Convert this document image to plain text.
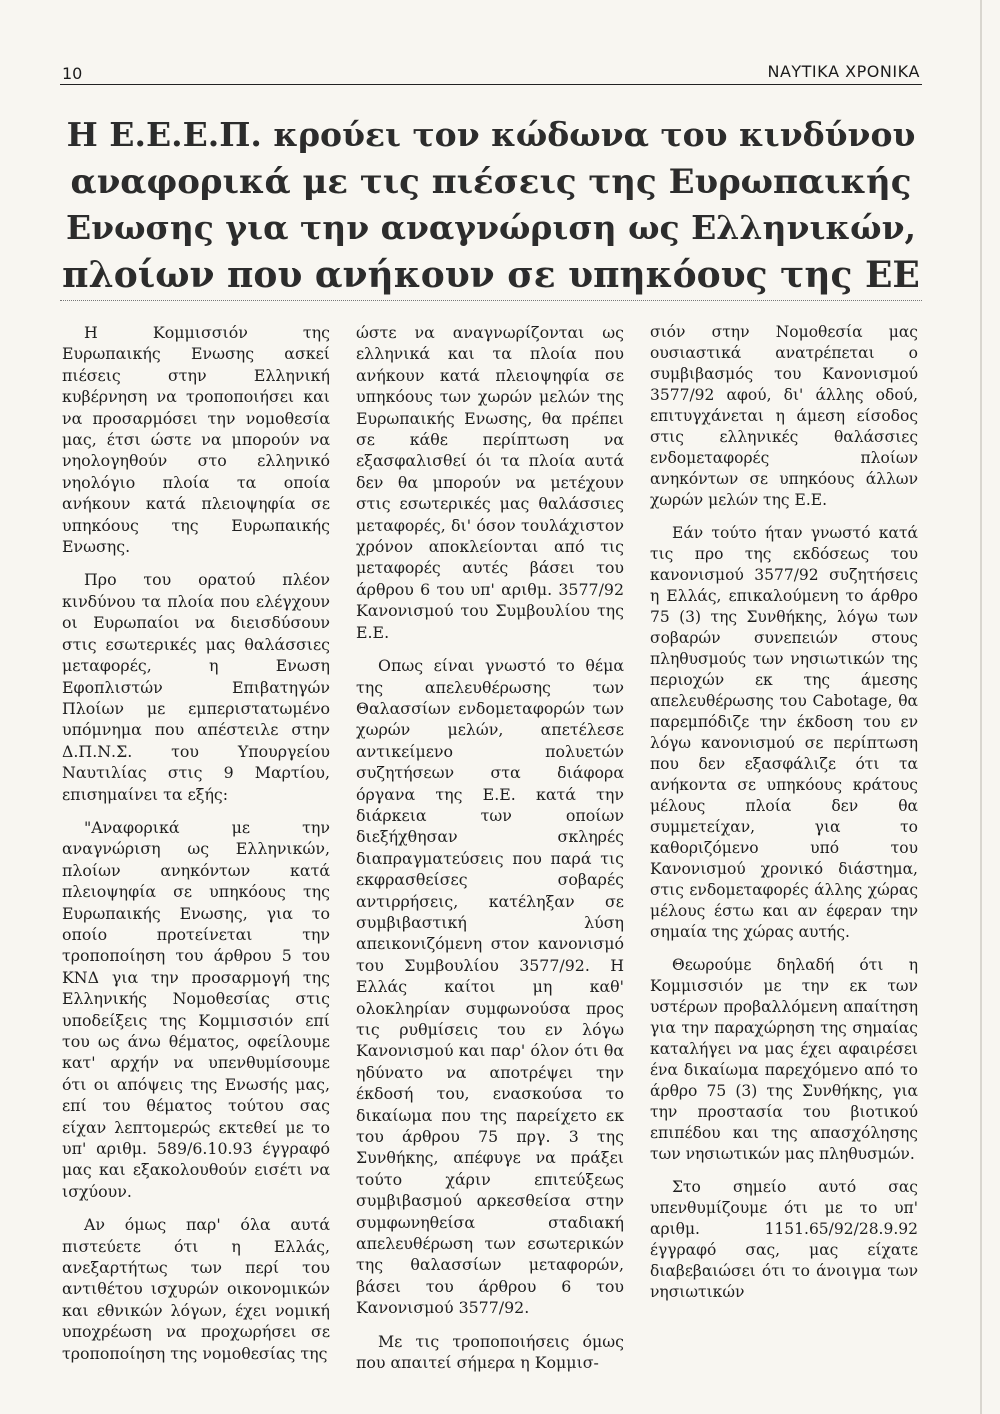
10	ΝΑΥΤΙΚΑ ΧΡΟΝΙΚΑ
Η Ε.Ε.Ε.Π. κρούει τον κώδωνα του κινδύνου
αναφορικά με τις πιέσεις της Ευρωπαικής
Ενωσης για την αναγνώριση ως Ελληνικών,
πλοίων που ανήκουν σε υπηκόους της ΕΕ

Η Κομμισσιόν της Ευρωπαικής Ενωσης ασκεί πιέσεις στην Ελληνική κυβέρνηση να τροποποιήσει και να προσαρμόσει την νομοθεσία μας, έτσι ώστε να μπορούν να νηολογηθούν στο ελληνικό νηολόγιο πλοία τα οποία ανήκουν κατά πλειοψηφία σε υπηκόους της Ευρωπαικής Ενωσης.

Προ του ορατού πλέον κινδύνου τα πλοία που ελέγχουν οι Ευρωπαίοι να διεισδύσουν στις εσωτερικές μας θαλάσσιες μεταφορές, η Ενωση Εφοπλιστών Επιβατηγών Πλοίων με εμπεριστατωμένο υπόμνημα που απέστειλε στην Δ.Π.Ν.Σ. του Υπουργείου Ναυτιλίας στις 9 Μαρτίου, επισημαίνει τα εξής:

"Αναφορικά με την αναγνώριση ως Ελληνικών, πλοίων ανηκόντων κατά πλειοψηφία σε υπηκόους της Ευρωπαικής Ενωσης, για το οποίο προτείνεται την τροποποίηση του άρθρου 5 του ΚΝΔ για την προσαρμογή της Ελληνικής Νομοθεσίας στις υποδείξεις της Κομμισσιόν επί του ως άνω θέματος, οφείλουμε κατ' αρχήν να υπενθυμίσουμε ότι οι απόψεις της Ενωσής μας, επί του θέματος τούτου σας είχαν λεπτομερώς εκτεθεί με το υπ' αριθμ. 589/6.10.93 έγγραφό μας και εξακολουθούν εισέτι να ισχύουν.

Αν όμως παρ' όλα αυτά πιστεύετε ότι η Ελλάς, ανεξαρτήτως των περί του αντιθέτου ισχυρών οικονομικών και εθνικών λόγων, έχει νομική υποχρέωση να προχωρήσει σε τροποποίηση της νομοθεσίας της

ώστε να αναγνωρίζονται ως ελληνικά και τα πλοία που ανήκουν κατά πλειοψηφία σε υπηκόους των χωρών μελών της Ευρωπαικής Ενωσης, θα πρέπει σε κάθε περίπτωση να εξασφαλισθεί όι τα πλοία αυτά δεν θα μπορούν να μετέχουν στις εσωτερικές μας θαλάσσιες μεταφορές, δι' όσον τουλάχιστον χρόνον αποκλείονται από τις μεταφορές αυτές βάσει του άρθρου 6 του υπ' αριθμ. 3577/92 Κανονισμού του Συμβουλίου της Ε.Ε.

Οπως είναι γνωστό το θέμα της απελευθέρωσης των Θαλασσίων ενδομεταφορών των χωρών μελών, απετέλεσε αντικείμενο πολυετών συζητήσεων στα διάφορα όργανα της Ε.Ε. κατά την διάρκεια των οποίων διεξήχθησαν σκληρές διαπραγματεύσεις που παρά τις εκφρασθείσες σοβαρές αντιρρήσεις, κατέληξαν σε συμβιβαστική λύση απεικονιζόμενη στον κανονισμό του Συμβουλίου 3577/92. Η Ελλάς καίτοι μη καθ' ολοκληρίαν συμφωνούσα προς τις ρυθμίσεις του εν λόγω Κανονισμού και παρ' όλον ότι θα ηδύνατο να αποτρέψει την έκδοσή του, ενασκούσα το δικαίωμα που της παρείχετο εκ του άρθρου 75 πργ. 3 της Συνθήκης, απέφυγε να πράξει τούτο χάριν επιτεύξεως συμβιβασμού αρκεσθείσα στην συμφωνηθείσα σταδιακή απελευθέρωση των εσωτερικών της θαλασσίων μεταφορών, βάσει του άρθρου 6 του Κανονισμού 3577/92.

Με τις τροποποιήσεις όμως που απαιτεί σήμερα η Κομμισ-

σιόν στην Νομοθεσία μας ουσιαστικά ανατρέπεται ο συμβιβασμός του Κανονισμού 3577/92 αφού, δι' άλλης οδού, επιτυγχάνεται η άμεση είσοδος στις ελληνικές θαλάσσιες ενδομεταφορές πλοίων ανηκόντων σε υπηκόους άλλων χωρών μελών της Ε.Ε.

Εάν τούτο ήταν γνωστό κατά τις προ της εκδόσεως του κανονισμού 3577/92 συζητήσεις η Ελλάς, επικαλούμενη το άρθρο 75 (3) της Συνθήκης, λόγω των σοβαρών συνεπειών στους πληθυσμούς των νησιωτικών της περιοχών εκ της άμεσης απελευθέρωσης του Cabotage, θα παρεμπόδιζε την έκδοση του εν λόγω κανονισμού σε περίπτωση που δεν εξασφάλιζε ότι τα ανήκοντα σε υπηκόους κράτους μέλους πλοία δεν θα συμμετείχαν, για το καθοριζόμενο υπό του Κανονισμού χρονικό διάστημα, στις ενδομεταφορές άλλης χώρας μέλους έστω και αν έφεραν την σημαία της χώρας αυτής.

Θεωρούμε δηλαδή ότι η Κομμισσιόν με την εκ των υστέρων προβαλλόμενη απαίτηση για την παραχώρηση της σημαίας καταλήγει να μας έχει αφαιρέσει ένα δικαίωμα παρεχόμενο από το άρθρο 75 (3) της Συνθήκης, για την προστασία του βιοτικού επιπέδου και της απασχόλησης των νησιωτικών μας πληθυσμών.

Στο σημείο αυτό σας υπενθυμίζουμε ότι με το υπ' αριθμ. 1151.65/92/28.9.92 έγγραφό σας, μας είχατε διαβεβαιώσει ότι το άνοιγμα των νησιωτικών
